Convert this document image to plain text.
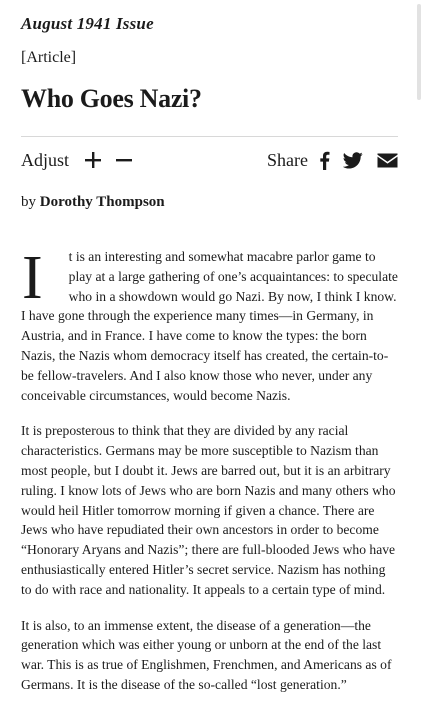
August 1941 Issue
[Article]
Who Goes Nazi?
Adjust	Share
by Dorothy Thompson

I t is an interesting and somewhat macabre parlor game to play at a large gathering of one’s acquaintances: to speculate who in a showdown would go Nazi. By now, I think I know. I have gone through the experience many times—in Germany, in Austria, and in France. I have come to know the types: the born Nazis, the Nazis whom democracy itself has created, the certain-to-be fellow-travelers. And I also know those who never, under any conceivable circumstances, would become Nazis.

It is preposterous to think that they are divided by any racial characteristics. Germans may be more susceptible to Nazism than most people, but I doubt it. Jews are barred out, but it is an arbitrary ruling. I know lots of Jews who are born Nazis and many others who would heil Hitler tomorrow morning if given a chance. There are Jews who have repudiated their own ancestors in order to become “Honorary Aryans and Nazis”; there are full-blooded Jews who have enthusiastically entered Hitler’s secret service. Nazism has nothing to do with race and nationality. It appeals to a certain type of mind.

It is also, to an immense extent, the disease of a generation—the generation which was either young or unborn at the end of the last war. This is as true of Englishmen, Frenchmen, and Americans as of Germans. It is the disease of the so-called “lost generation.”
